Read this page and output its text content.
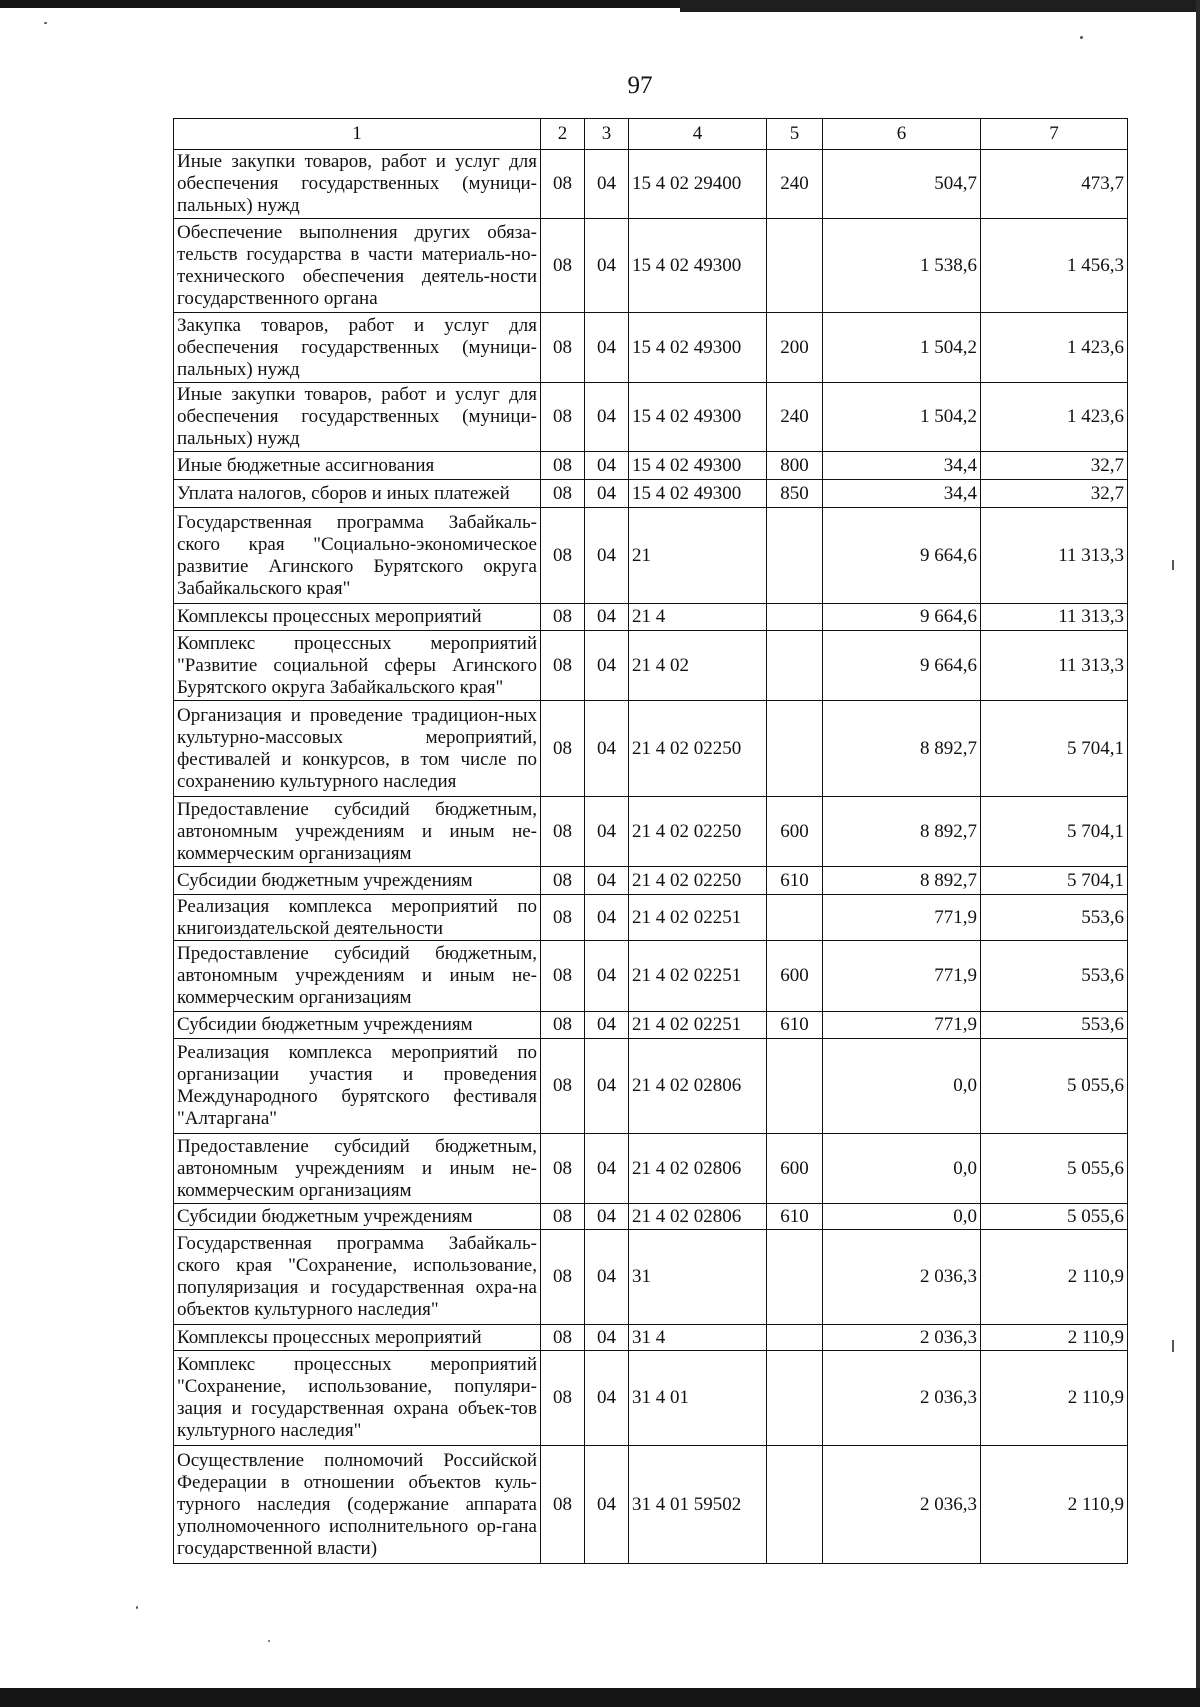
97
1	2	3	4	5	6	7
Иные закупки товаров, работ и услуг для обеспечения государственных (муници-пальных) нужд	08	04	15 4 02 29400	240	504,7	473,7
Обеспечение выполнения других обяза-тельств государства в части материаль-но-технического обеспечения деятель-ности государственного органа	08	04	15 4 02 49300		1 538,6	1 456,3
Закупка товаров, работ и услуг для обеспечения государственных (муници-пальных) нужд	08	04	15 4 02 49300	200	1 504,2	1 423,6
Иные закупки товаров, работ и услуг для обеспечения государственных (муници-пальных) нужд	08	04	15 4 02 49300	240	1 504,2	1 423,6
Иные бюджетные ассигнования	08	04	15 4 02 49300	800	34,4	32,7
Уплата налогов, сборов и иных платежей	08	04	15 4 02 49300	850	34,4	32,7
Государственная программа Забайкаль-ского края "Социально-экономическое развитие Агинского Бурятского округа Забайкальского края"	08	04	21		9 664,6	11 313,3
Комплексы процессных мероприятий	08	04	21 4		9 664,6	11 313,3
Комплекс процессных мероприятий "Развитие социальной сферы Агинского Бурятского округа Забайкальского края"	08	04	21 4 02		9 664,6	11 313,3
Организация и проведение традицион-ных культурно-массовых мероприятий, фестивалей и конкурсов, в том числе по сохранению культурного наследия	08	04	21 4 02 02250		8 892,7	5 704,1
Предоставление субсидий бюджетным, автономным учреждениям и иным не-коммерческим организациям	08	04	21 4 02 02250	600	8 892,7	5 704,1
Субсидии бюджетным учреждениям	08	04	21 4 02 02250	610	8 892,7	5 704,1
Реализация комплекса мероприятий по книгоиздательской деятельности	08	04	21 4 02 02251		771,9	553,6
Предоставление субсидий бюджетным, автономным учреждениям и иным не-коммерческим организациям	08	04	21 4 02 02251	600	771,9	553,6
Субсидии бюджетным учреждениям	08	04	21 4 02 02251	610	771,9	553,6
Реализация комплекса мероприятий по организации участия и проведения Международного бурятского фестиваля "Алтаргана"	08	04	21 4 02 02806		0,0	5 055,6
Предоставление субсидий бюджетным, автономным учреждениям и иным не-коммерческим организациям	08	04	21 4 02 02806	600	0,0	5 055,6
Субсидии бюджетным учреждениям	08	04	21 4 02 02806	610	0,0	5 055,6
Государственная программа Забайкаль-ского края "Сохранение, использование, популяризация и государственная охра-на объектов культурного наследия"	08	04	31		2 036,3	2 110,9
Комплексы процессных мероприятий	08	04	31 4		2 036,3	2 110,9
Комплекс процессных мероприятий "Сохранение, использование, популяри-зация и государственная охрана объек-тов культурного наследия"	08	04	31 4 01		2 036,3	2 110,9
Осуществление полномочий Российской Федерации в отношении объектов куль-турного наследия (содержание аппарата уполномоченного исполнительного ор-гана государственной власти)	08	04	31 4 01 59502		2 036,3	2 110,9
